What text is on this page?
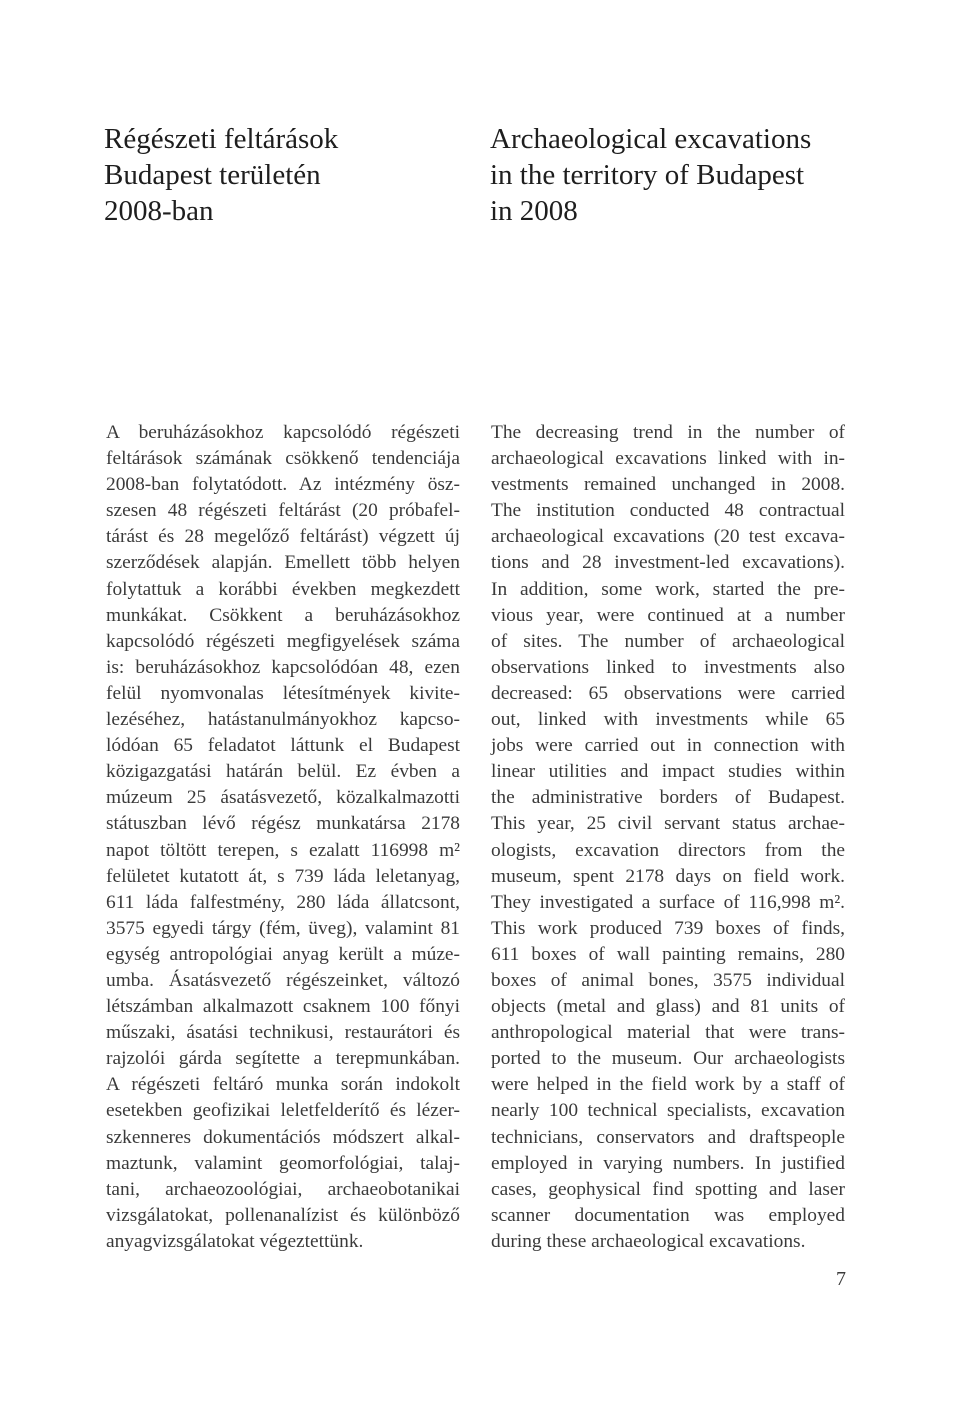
Régészeti feltárások
Budapest területén
2008-ban
Archaeological excavations
in the territory of Budapest
in 2008
A beruházásokhoz kapcsolódó régészeti
feltárások számának csökkenő tendenciája
2008-ban folytatódott. Az intézmény ösz-
szesen 48 régészeti feltárást (20 próbafel-
tárást és 28 megelőző feltárást) végzett új
szerződések alapján. Emellett több helyen
folytattuk a korábbi években megkezdett
munkákat. Csökkent a beruházásokhoz
kapcsolódó régészeti megfigyelések száma
is: beruházásokhoz kapcsolódóan 48, ezen
felül nyomvonalas létesítmények kivite-
lezéséhez, hatástanulmányokhoz kapcso-
lódóan 65 feladatot láttunk el Budapest
közigazgatási határán belül. Ez évben a
múzeum 25 ásatásvezető, közalkalmazotti
státuszban lévő régész munkatársa 2178
napot töltött terepen, s ezalatt 116998 m²
felületet kutatott át, s 739 láda leletanyag,
611 láda falfestmény, 280 láda állatcsont,
3575 egyedi tárgy (fém, üveg), valamint 81
egység antropológiai anyag került a múze-
umba. Ásatásvezető régészeinket, változó
létszámban alkalmazott csaknem 100 főnyi
műszaki, ásatási technikusi, restaurátori és
rajzolói gárda segítette a terepmunkában.
A régészeti feltáró munka során indokolt
esetekben geofizikai leletfelderítő és lézer-
szkenneres dokumentációs módszert alkal-
maztunk, valamint geomorfológiai, talaj-
tani, archaeozoológiai, archaeobotanikai
vizsgálatokat, pollenanalízist és különböző
anyagvizsgálatokat végeztettünk.
The decreasing trend in the number of
archaeological excavations linked with in-
vestments remained unchanged in 2008.
The institution conducted 48 contractual
archaeological excavations (20 test excava-
tions and 28 investment-led excavations).
In addition, some work, started the pre-
vious year, were continued at a number
of sites. The number of archaeological
observations linked to investments also
decreased: 65 observations were carried
out, linked with investments while 65
jobs were carried out in connection with
linear utilities and impact studies within
the administrative borders of Budapest.
This year, 25 civil servant status archae-
ologists, excavation directors from the
museum, spent 2178 days on field work.
They investigated a surface of 116,998 m².
This work produced 739 boxes of finds,
611 boxes of wall painting remains, 280
boxes of animal bones, 3575 individual
objects (metal and glass) and 81 units of
anthropological material that were trans-
ported to the museum. Our archaeologists
were helped in the field work by a staff of
nearly 100 technical specialists, excavation
technicians, conservators and draftspeople
employed in varying numbers. In justified
cases, geophysical find spotting and laser
scanner documentation was employed
during these archaeological excavations.
7
